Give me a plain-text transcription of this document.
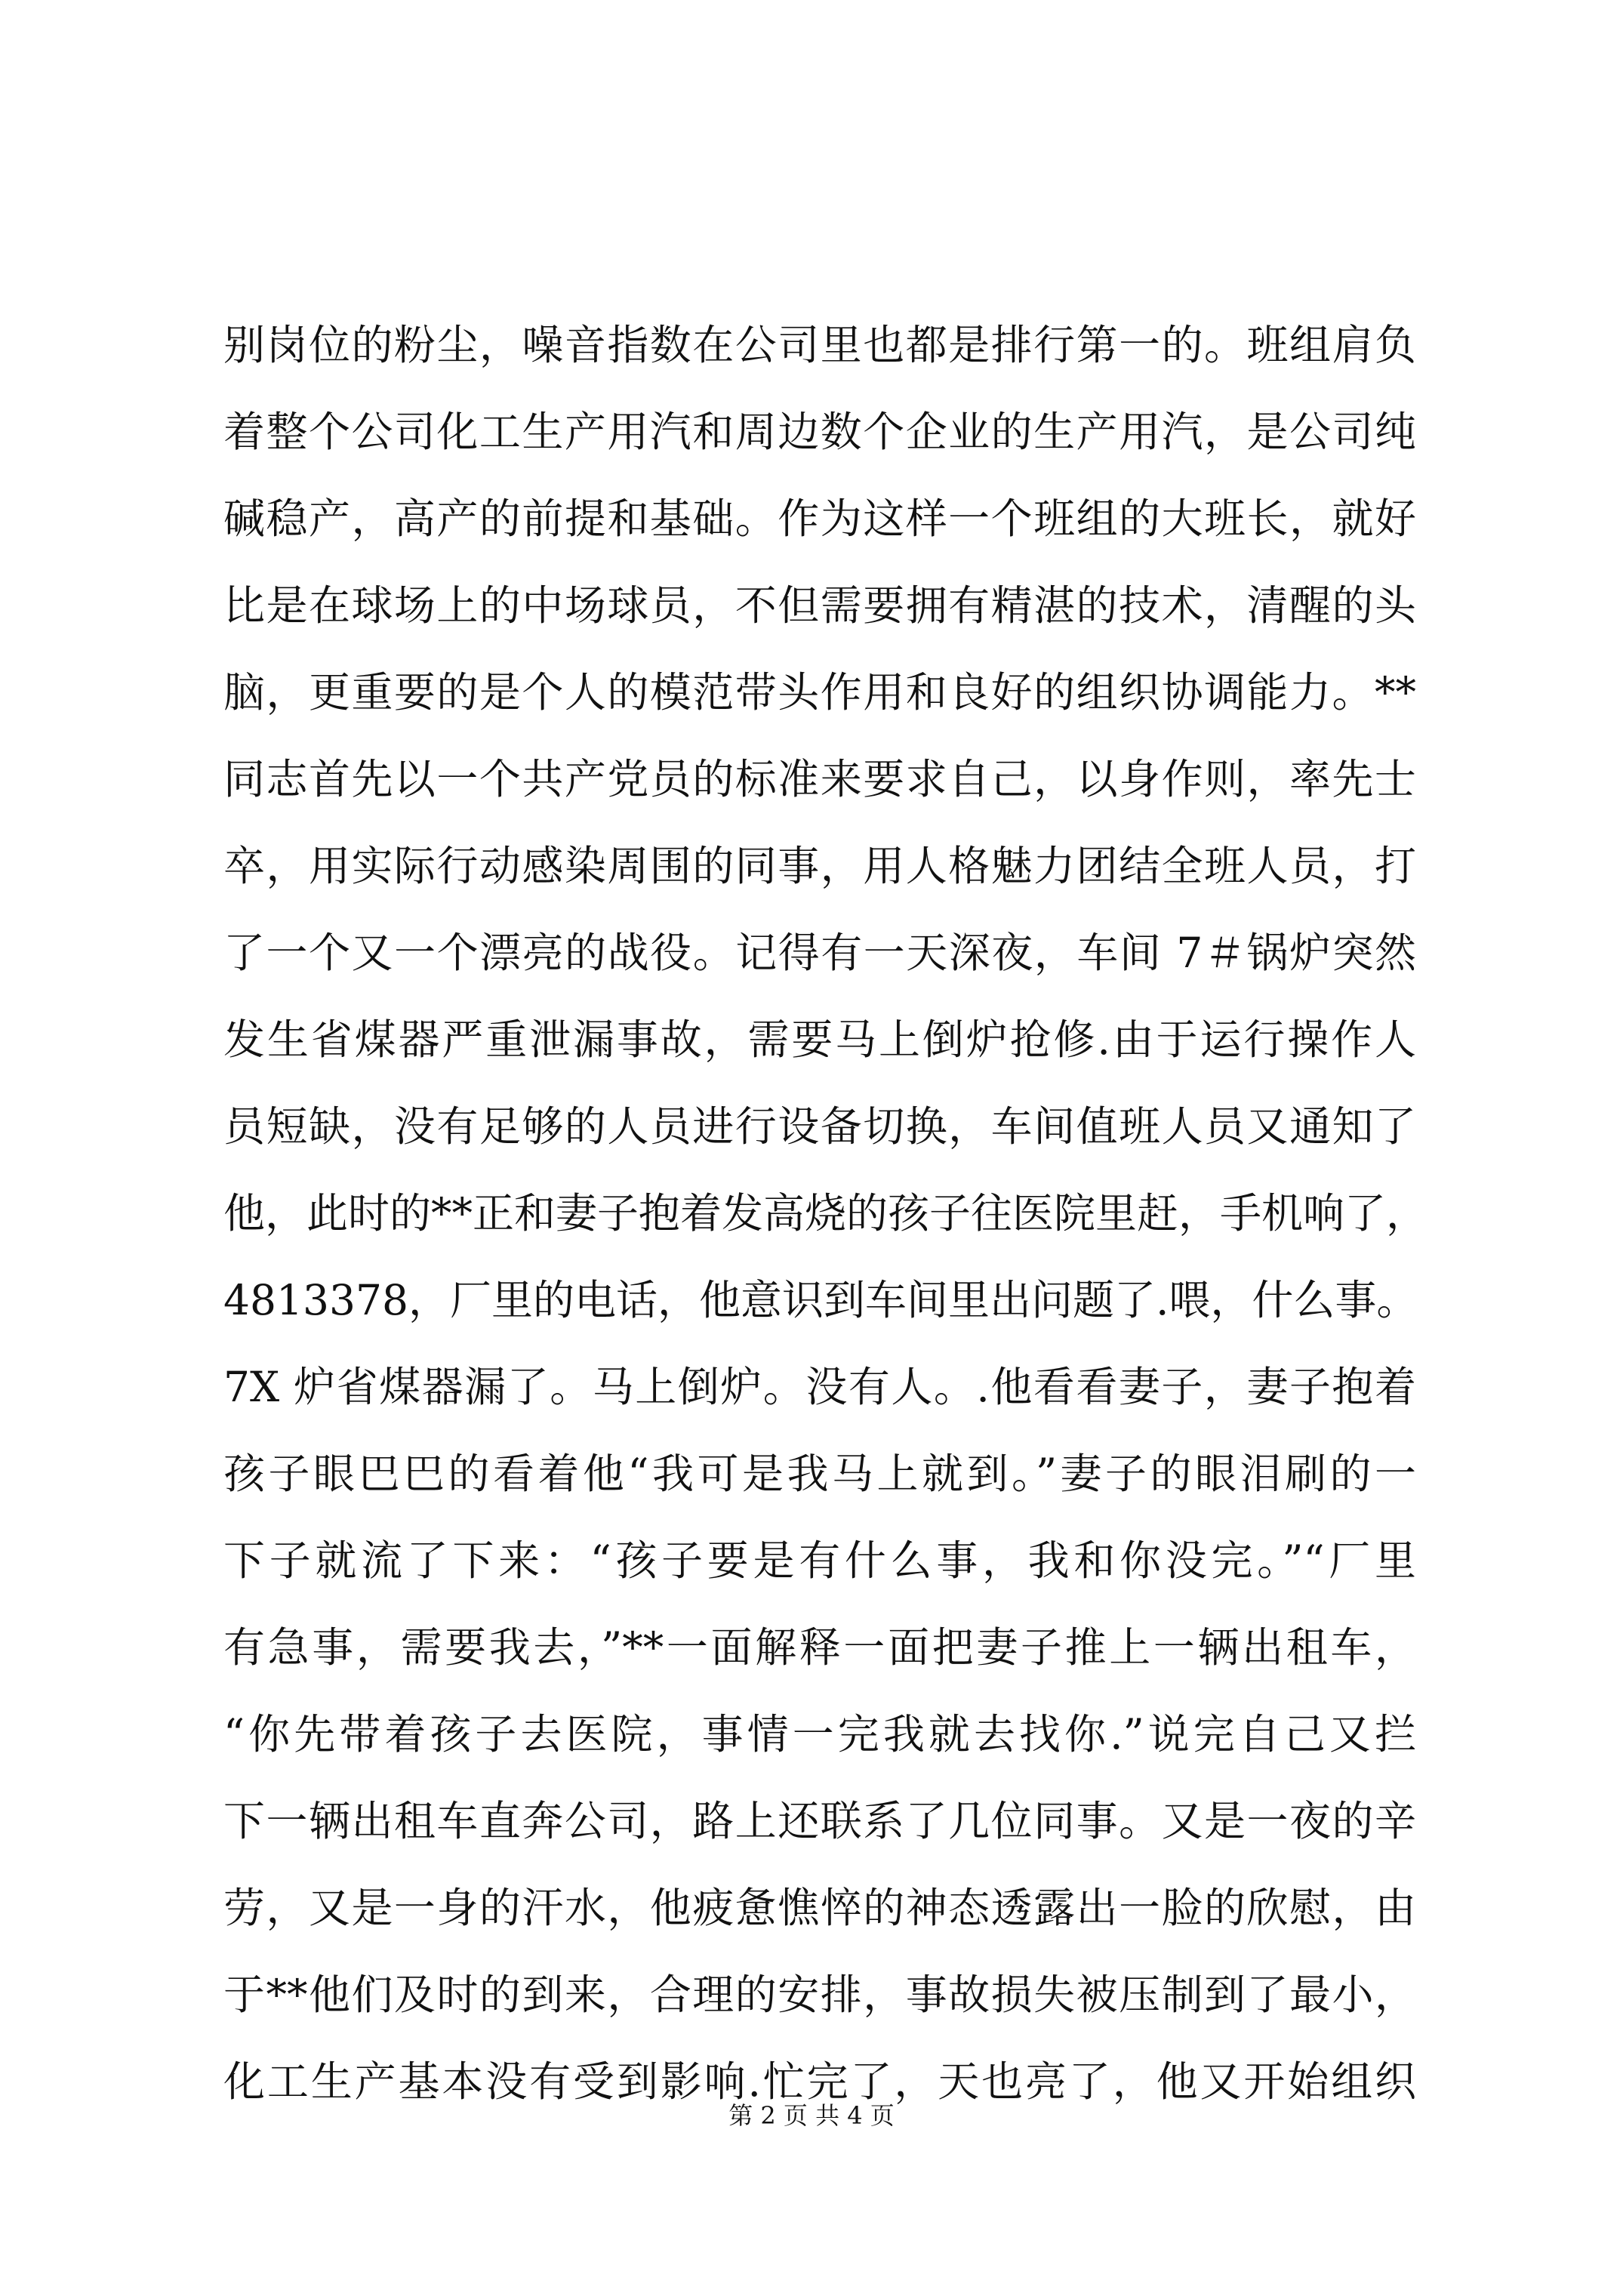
别岗位的粉尘，噪音指数在公司里也都是排行第一的。班组肩负
着整个公司化工生产用汽和周边数个企业的生产用汽，是公司纯
碱稳产，高产的前提和基础。作为这样一个班组的大班长，就好
比是在球场上的中场球员，不但需要拥有精湛的技术，清醒的头
脑，更重要的是个人的模范带头作用和良好的组织协调能力。**
同志首先以一个共产党员的标准来要求自己，以身作则，率先士
卒，用实际行动感染周围的同事，用人格魅力团结全班人员，打
了一个又一个漂亮的战役。记得有一天深夜，车间 7＃锅炉突然
发生省煤器严重泄漏事故，需要马上倒炉抢修.由于运行操作人
员短缺，没有足够的人员进行设备切换，车间值班人员又通知了
他，此时的**正和妻子抱着发高烧的孩子往医院里赶，手机响了，
4813378，厂里的电话，他意识到车间里出问题了.喂，什么事。
7X 炉省煤器漏了。马上倒炉。没有人。.他看看妻子，妻子抱着
孩子眼巴巴的看着他“我可是我马上就到。”妻子的眼泪刷的一
下子就流了下来：“孩子要是有什么事，我和你没完。”“厂里
有急事，需要我去，”**一面解释一面把妻子推上一辆出租车，
“你先带着孩子去医院，事情一完我就去找你.”说完自己又拦
下一辆出租车直奔公司，路上还联系了几位同事。又是一夜的辛
劳，又是一身的汗水，他疲惫憔悴的神态透露出一脸的欣慰，由
于**他们及时的到来，合理的安排，事故损失被压制到了最小，
化工生产基本没有受到影响.忙完了，天也亮了，他又开始组织
第 2 页 共 4 页
